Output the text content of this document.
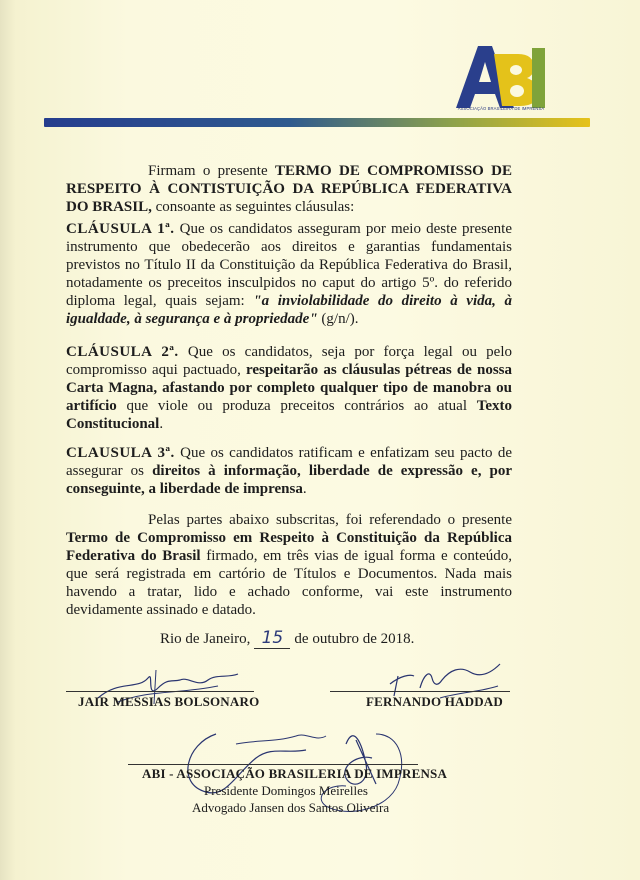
ASSOCIAÇÃO BRASILEIRA DE IMPRENSA
Firmam o presente TERMO DE COMPROMISSO DE RESPEITO À CONTISTUIÇÃO DA REPÚBLICA FEDERATIVA DO BRASIL, consoante as seguintes cláusulas:
CLÁUSULA 1ª. Que os candidatos asseguram por meio deste presente instrumento que obedecerão aos direitos e garantias fundamentais previstos no Título II da Constituição da República Federativa do Brasil, notadamente os preceitos insculpidos no caput do artigo 5º. do referido diploma legal, quais sejam: "a inviolabilidade do direito à vida, à igualdade, à segurança e à propriedade" (g/n/).
CLÁUSULA 2ª. Que os candidatos, seja por força legal ou pelo compromisso aqui pactuado, respeitarão as cláusulas pétreas de nossa Carta Magna, afastando por completo qualquer tipo de manobra ou artifício que viole ou produza preceitos contrários ao atual Texto Constitucional.
CLAUSULA 3ª. Que os candidatos ratificam e enfatizam seu pacto de assegurar os direitos à informação, liberdade de expressão e, por conseguinte, a liberdade de imprensa.
Pelas partes abaixo subscritas, foi referendado o presente Termo de Compromisso em Respeito à Constituição da República Federativa do Brasil firmado, em três vias de igual forma e conteúdo, que será registrada em cartório de Títulos e Documentos. Nada mais havendo a tratar, lido e achado conforme, vai este instrumento devidamente assinado e datado.
Rio de Janeiro, 15 de outubro de 2018.
JAIR MESSIAS BOLSONARO	FERNANDO HADDAD
ABI - ASSOCIAÇÃO BRASILERIA DE IMPRENSA
Presidente Domingos Meirelles
Advogado Jansen dos Santos Oliveira
